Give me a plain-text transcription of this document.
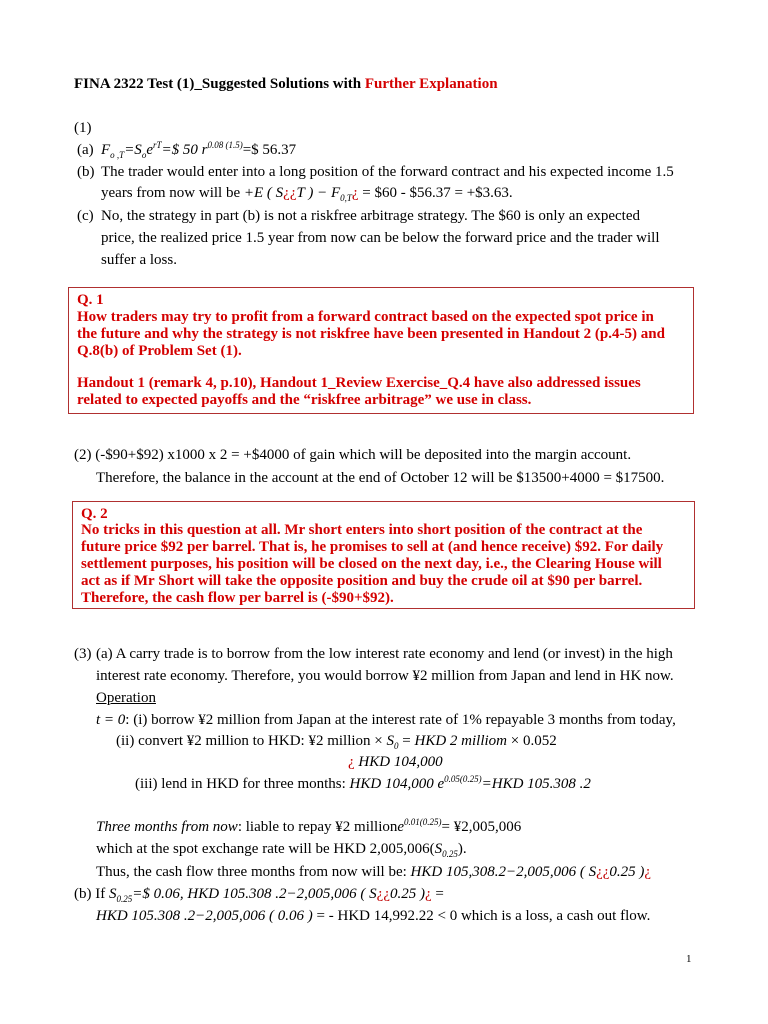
FINA 2322 Test (1)_Suggested Solutions with Further Explanation
(1)
(a) $F_{o ,T}=S_oe^{rT}=\$$ 50 $r^{0.08 (1.5)}=\$$ 56.37
(b) The trader would enter into a long position of the forward contract and his expected income 1.5
years from now will be +E ( S¿¿T ) − $F_{0,T}¿$ = $60 - $56.37 = +$3.63.
(c) No, the strategy in part (b) is not a riskfree arbitrage strategy. The $60 is only an expected
price, the realized price 1.5 year from now can be below the forward price and the trader will
suffer a loss.
Q. 1
How traders may try to profit from a forward contract based on the expected spot price in
the future and why the strategy is not riskfree have been presented in Handout 2 (p.4-5) and
Q.8(b) of Problem Set (1).
Handout 1 (remark 4, p.10), Handout 1_Review Exercise_Q.4 have also addressed issues
related to expected payoffs and the “riskfree arbitrage” we use in class.
(2) (-$90+$92) x1000 x 2 = +$4000 of gain which will be deposited into the margin account.
Therefore, the balance in the account at the end of October 12 will be $13500+4000 = $17500.
Q. 2
No tricks in this question at all. Mr short enters into short position of the contract at the
future price $92 per barrel. That is, he promises to sell at (and hence receive) $92. For daily
settlement purposes, his position will be closed on the next day, i.e., the Clearing House will
act as if Mr Short will take the opposite position and buy the crude oil at $90 per barrel.
Therefore, the cash flow per barrel is (-$90+$92).
(3) (a) A carry trade is to borrow from the low interest rate economy and lend (or invest) in the high
interest rate economy. Therefore, you would borrow ¥2 million from Japan and lend in HK now.
Operation
t = 0: (i) borrow ¥2 million from Japan at the interest rate of 1% repayable 3 months from today,
(ii) convert ¥2 million to HKD: ¥2 million × $S_0$ = HKD 2 milliom × 0.052
¿ HKD 104,000
(iii) lend in HKD for three months: HKD 104,000 $e^{0.05(0.25)}=HKD$ 105.308 .2
Three months from now: liable to repay ¥2 millione$^{0.01(0.25)}$= ¥2,005,006
which at the spot exchange rate will be HKD $2,005,006(S_{0.25})$.
Thus, the cash flow three months from now will be: HKD 105,308.2−2,005,006 ( S¿¿0.25 )¿
(b) If $S_{0.25}=\$$ 0.06, HKD 105.308 .2−2,005,006 ( S¿¿0.25 )¿ =
HKD 105.308 .2−2,005,006 ( 0.06 ) = - HKD 14,992.22 < 0 which is a loss, a cash out flow.
1
